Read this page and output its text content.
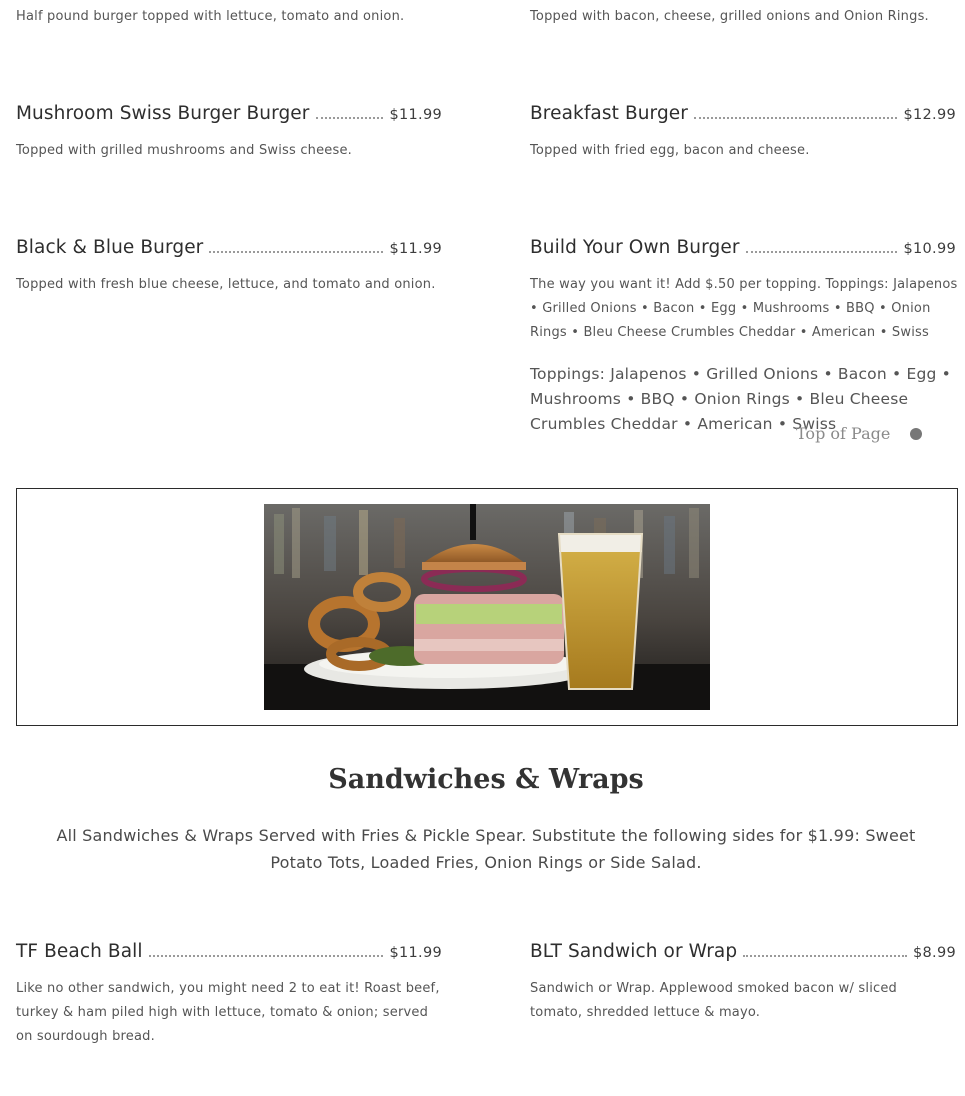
Half pound burger topped with lettuce, tomato and onion.	Topped with bacon, cheese, grilled onions and Onion Rings.
Mushroom Swiss Burger Burger	$11.99
Topped with grilled mushrooms and Swiss cheese.
Breakfast Burger	$12.99
Topped with fried egg, bacon and cheese.
Black & Blue Burger	$11.99
Topped with fresh blue cheese, lettuce, and tomato and onion.
Build Your Own Burger	$10.99
The way you want it! Add $.50 per topping. Toppings: Jalapenos • Grilled Onions • Bacon • Egg • Mushrooms • BBQ • Onion Rings • Bleu Cheese Crumbles Cheddar • American • Swiss
Toppings: Jalapenos • Grilled Onions • Bacon • Egg • Mushrooms • BBQ • Onion Rings • Bleu Cheese Crumbles Cheddar • American • Swiss
Top of Page
Sandwiches & Wraps
All Sandwiches & Wraps Served with Fries & Pickle Spear. Substitute the following sides for $1.99: Sweet Potato Tots, Loaded Fries, Onion Rings or Side Salad.
TF Beach Ball	$11.99
Like no other sandwich, you might need 2 to eat it! Roast beef, turkey & ham piled high with lettuce, tomato & onion; served on sourdough bread.
BLT Sandwich or Wrap	$8.99
Sandwich or Wrap. Applewood smoked bacon w/ sliced tomato, shredded lettuce & mayo.
